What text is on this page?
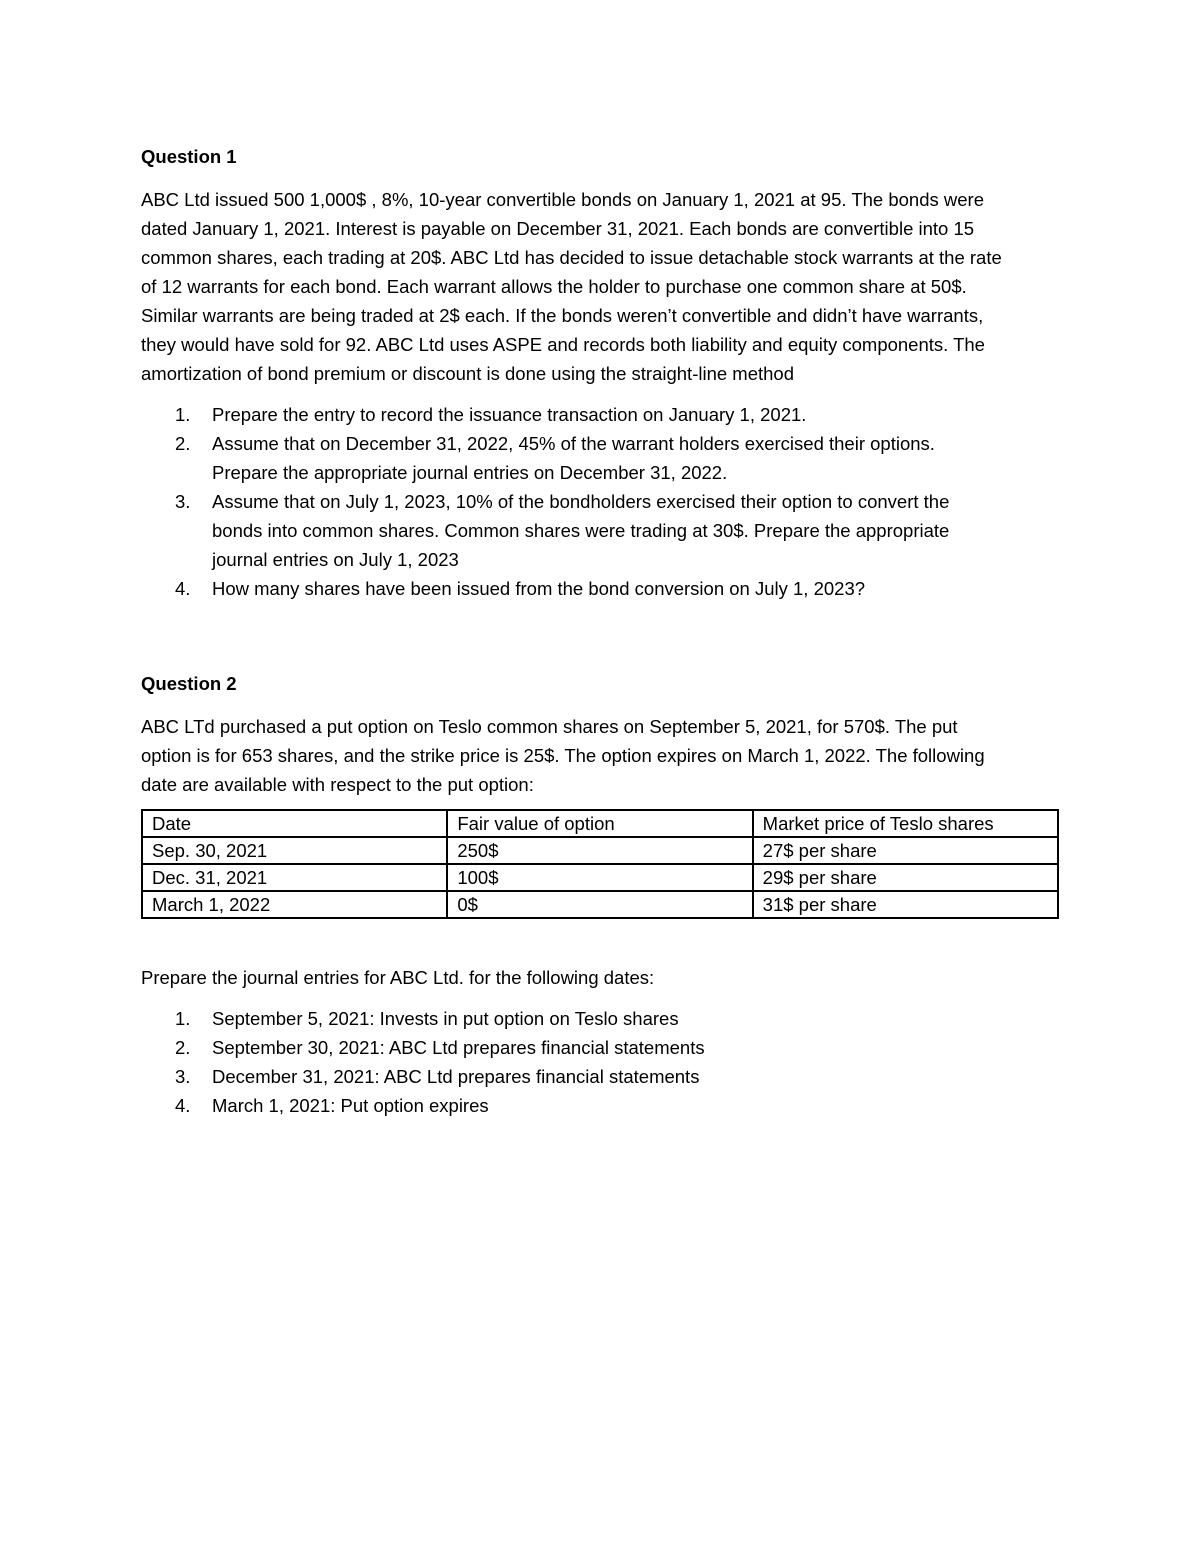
Question 1

ABC Ltd issued 500 1,000$ , 8%, 10-year convertible bonds on January 1, 2021 at 95. The bonds were
dated January 1, 2021. Interest is payable on December 31, 2021. Each bonds are convertible into 15
common shares, each trading at 20$. ABC Ltd has decided to issue detachable stock warrants at the rate
of 12 warrants for each bond. Each warrant allows the holder to purchase one common share at 50$.
Similar warrants are being traded at 2$ each. If the bonds weren’t convertible and didn’t have warrants,
they would have sold for 92. ABC Ltd uses ASPE and records both liability and equity components. The
amortization of bond premium or discount is done using the straight-line method

1. Prepare the entry to record the issuance transaction on January 1, 2021.
2. Assume that on December 31, 2022, 45% of the warrant holders exercised their options.
Prepare the appropriate journal entries on December 31, 2022.
3. Assume that on July 1, 2023, 10% of the bondholders exercised their option to convert the
bonds into common shares. Common shares were trading at 30$. Prepare the appropriate
journal entries on July 1, 2023
4. How many shares have been issued from the bond conversion on July 1, 2023?
Question 2

ABC LTd purchased a put option on Teslo common shares on September 5, 2021, for 570$. The put
option is for 653 shares, and the strike price is 25$. The option expires on March 1, 2022. The following
date are available with respect to the put option:

Date	Fair value of option	Market price of Teslo shares
Sep. 30, 2021	250$	27$ per share
Dec. 31, 2021	100$	29$ per share
March 1, 2022	0$	31$ per share

Prepare the journal entries for ABC Ltd. for the following dates:

1. September 5, 2021: Invests in put option on Teslo shares
2. September 30, 2021: ABC Ltd prepares financial statements
3. December 31, 2021: ABC Ltd prepares financial statements
4. March 1, 2021: Put option expires
